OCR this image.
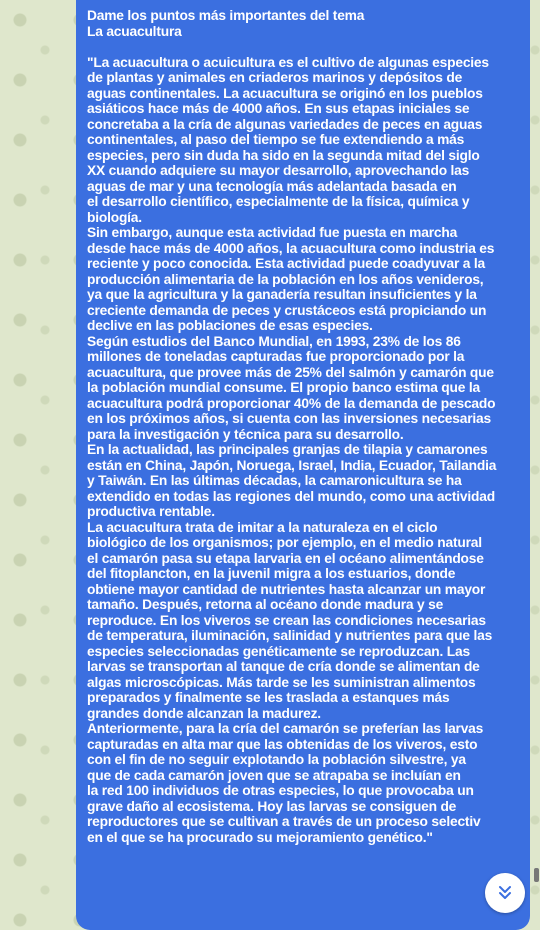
Dame los puntos más importantes del tema
La acuacultura
"La acuacultura o acuicultura es el cultivo de algunas especies
de plantas y animales en criaderos marinos y depósitos de
aguas continentales. La acuacultura se originó en los pueblos
asiáticos hace más de 4000 años. En sus etapas iniciales se
concretaba a la cría de algunas variedades de peces en aguas
continentales, al paso del tiempo se fue extendiendo a más
especies, pero sin duda ha sido en la segunda mitad del siglo
XX cuando adquiere su mayor desarrollo, aprovechando las
aguas de mar y una tecnología más adelantada basada en
el desarrollo científico, especialmente de la física, química y
biología.
Sin embargo, aunque esta actividad fue puesta en marcha
desde hace más de 4000 años, la acuacultura como industria es
reciente y poco conocida. Esta actividad puede coadyuvar a la
producción alimentaria de la población en los años venideros,
ya que la agricultura y la ganadería resultan insuficientes y la
creciente demanda de peces y crustáceos está propiciando un
declive en las poblaciones de esas especies.
Según estudios del Banco Mundial, en 1993, 23% de los 86
millones de toneladas capturadas fue proporcionado por la
acuacultura, que provee más de 25% del salmón y camarón que
la población mundial consume. El propio banco estima que la
acuacultura podrá proporcionar 40% de la demanda de pescado
en los próximos años, si cuenta con las inversiones necesarias
para la investigación y técnica para su desarrollo.
En la actualidad, las principales granjas de tilapia y camarones
están en China, Japón, Noruega, Israel, India, Ecuador, Tailandia
y Taiwán. En las últimas décadas, la camaronicultura se ha
extendido en todas las regiones del mundo, como una actividad
productiva rentable.
La acuacultura trata de imitar a la naturaleza en el ciclo
biológico de los organismos; por ejemplo, en el medio natural
el camarón pasa su etapa larvaria en el océano alimentándose
del fitoplancton, en la juvenil migra a los estuarios, donde
obtiene mayor cantidad de nutrientes hasta alcanzar un mayor
tamaño. Después, retorna al océano donde madura y se
reproduce. En los viveros se crean las condiciones necesarias
de temperatura, iluminación, salinidad y nutrientes para que las
especies seleccionadas genéticamente se reproduzcan. Las
larvas se transportan al tanque de cría donde se alimentan de
algas microscópicas. Más tarde se les suministran alimentos
preparados y finalmente se les traslada a estanques más
grandes donde alcanzan la madurez.
Anteriormente, para la cría del camarón se preferían las larvas
capturadas en alta mar que las obtenidas de los viveros, esto
con el fin de no seguir explotando la población silvestre, ya
que de cada camarón joven que se atrapaba se incluían en
la red 100 individuos de otras especies, lo que provocaba un
grave daño al ecosistema. Hoy las larvas se consiguen de
reproductores que se cultivan a través de un proceso selectiv
en el que se ha procurado su mejoramiento genético."
